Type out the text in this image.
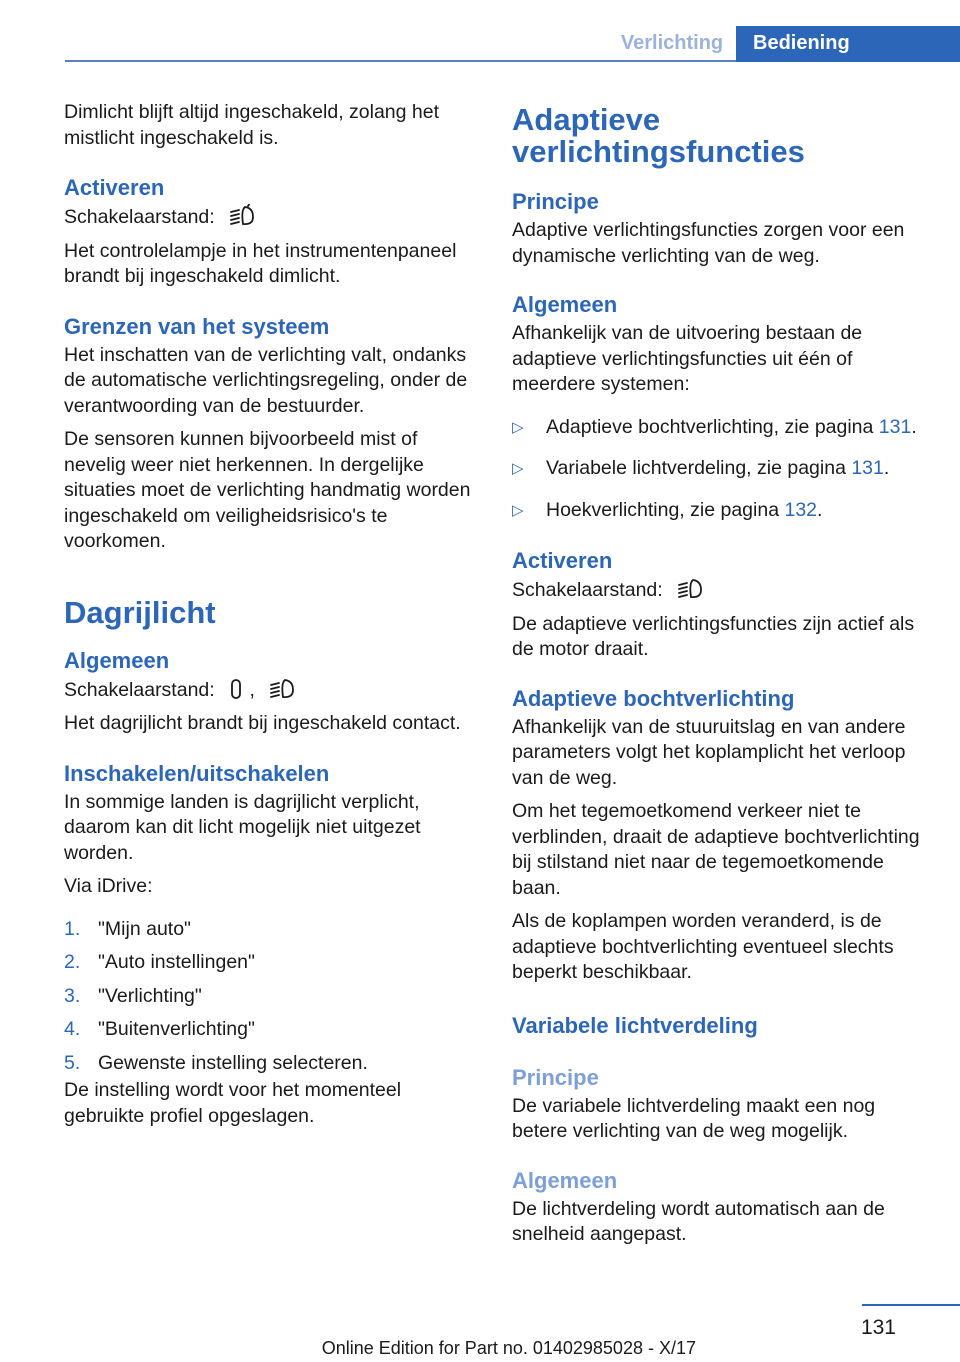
Verlichting	Bediening

Dimlicht blijft altijd ingeschakeld, zolang het mistlicht ingeschakeld is.

Activeren

Schakelaarstand:

Het controlelampje in het instrumentenpaneel brandt bij ingeschakeld dimlicht.

Grenzen van het systeem

Het inschatten van de verlichting valt, ondanks de automatische verlichtingsregeling, onder de verantwoording van de bestuurder.

De sensoren kunnen bijvoorbeeld mist of nevelig weer niet herkennen. In dergelijke situaties moet de verlichting handmatig worden ingeschakeld om veiligheidsrisico's te voorkomen.

Dagrijlicht
Algemeen

Schakelaarstand: ,

Het dagrijlicht brandt bij ingeschakeld contact.

Inschakelen/uitschakelen

In sommige landen is dagrijlicht verplicht, daarom kan dit licht mogelijk niet uitgezet worden.

Via iDrive:

1. "Mijn auto"
2. "Auto instellingen"
3. "Verlichting"
4. "Buitenverlichting"
5. Gewenste instelling selecteren.

De instelling wordt voor het momenteel gebruikte profiel opgeslagen.

Adaptieve verlichtingsfuncties
Principe

Adaptive verlichtingsfuncties zorgen voor een dynamische verlichting van de weg.

Algemeen

Afhankelijk van de uitvoering bestaan de adaptieve verlichtingsfuncties uit één of meerdere systemen:

▷	Adaptieve bochtverlichting, zie pagina 131.
▷	Variabele lichtverdeling, zie pagina 131.
▷	Hoekverlichting, zie pagina 132.
Activeren

Schakelaarstand:

De adaptieve verlichtingsfuncties zijn actief als de motor draait.

Adaptieve bochtverlichting

Afhankelijk van de stuuruitslag en van andere parameters volgt het koplamplicht het verloop van de weg.

Om het tegemoetkomend verkeer niet te verblinden, draait de adaptieve bochtverlichting bij stilstand niet naar de tegemoetkomende baan.

Als de koplampen worden veranderd, is de adaptieve bochtverlichting eventueel slechts beperkt beschikbaar.

Variabele lichtverdeling
Principe

De variabele lichtverdeling maakt een nog betere verlichting van de weg mogelijk.

Algemeen

De lichtverdeling wordt automatisch aan de snelheid aangepast.

131
Online Edition for Part no. 01402985028 - X/17
